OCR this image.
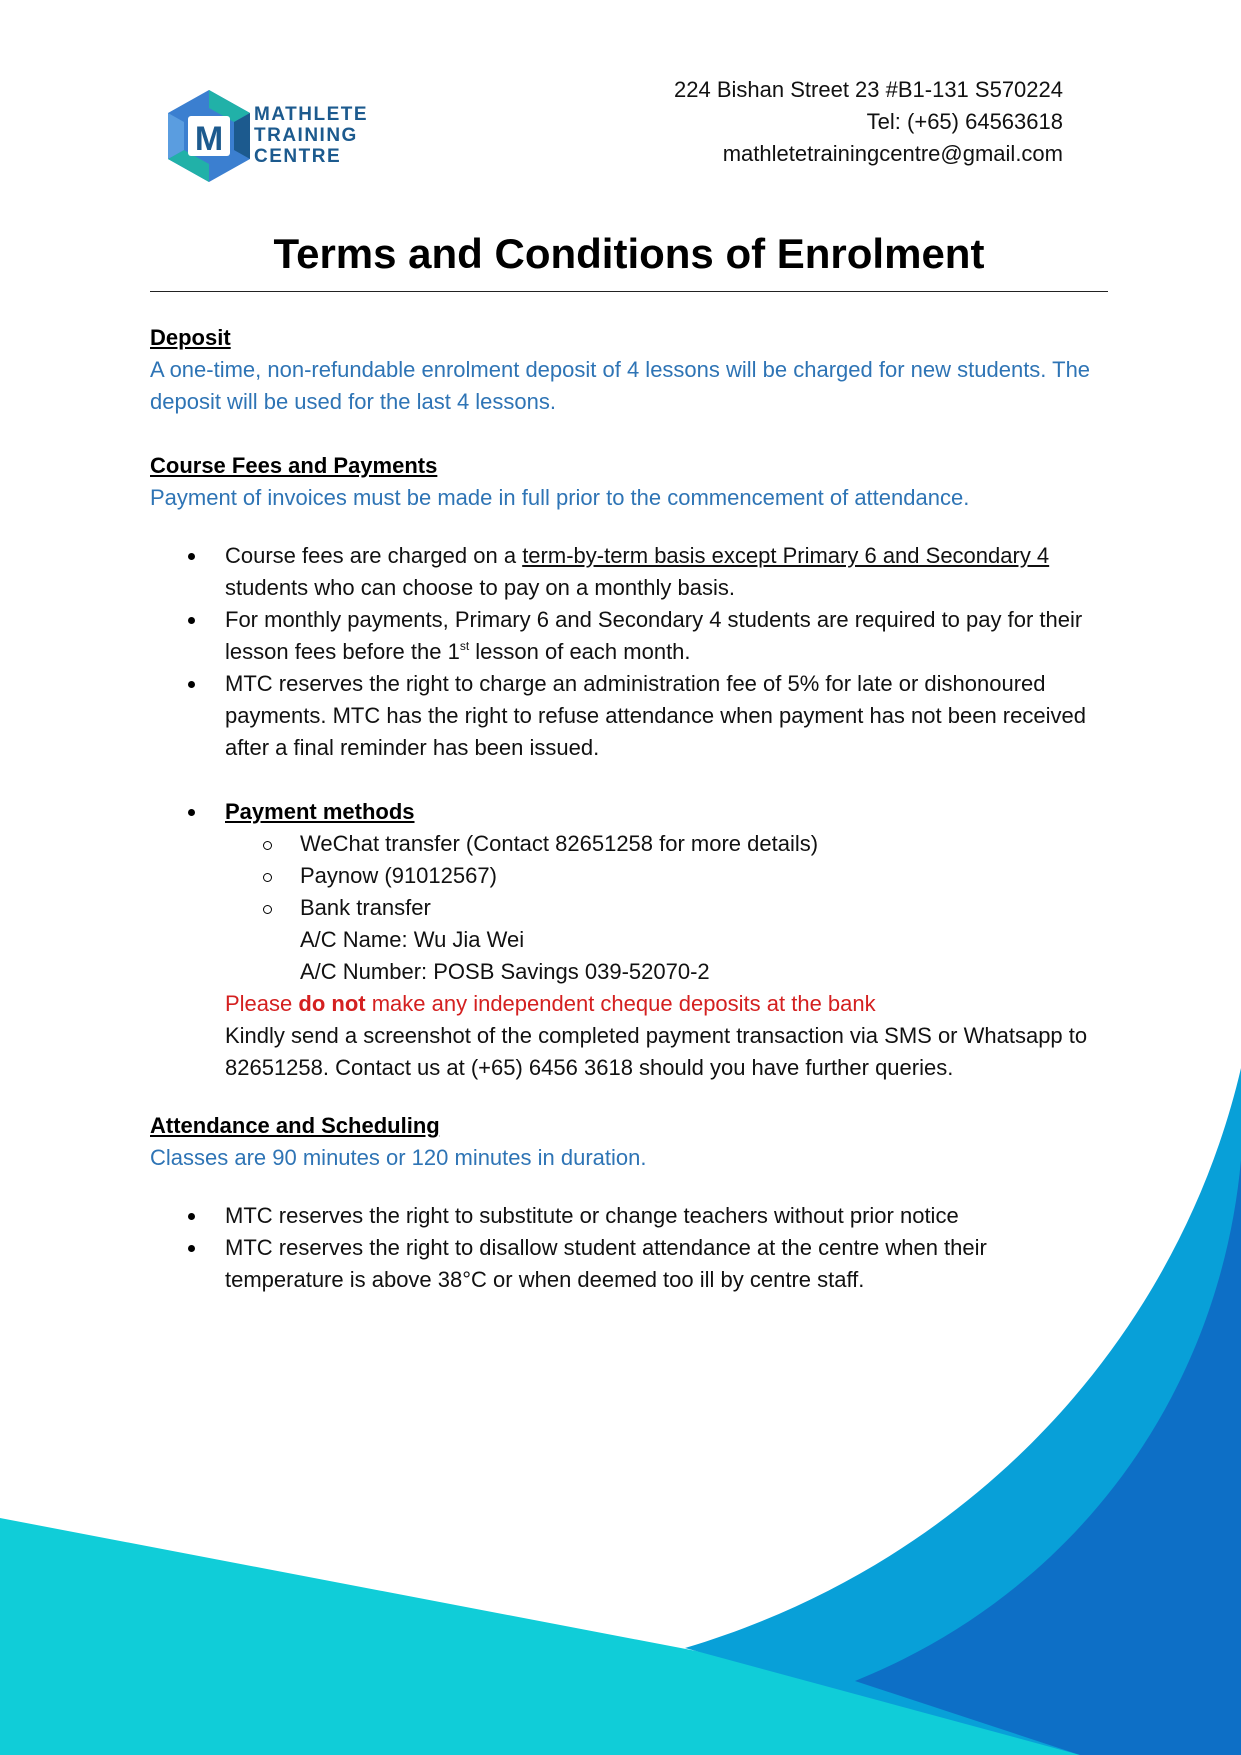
M
MATHLETE
TRAINING
CENTRE
224 Bishan Street 23 #B1-131 S570224
Tel: (+65) 64563618
mathletetrainingcentre@gmail.com
Terms and Conditions of Enrolment
Deposit
A one-time, non-refundable enrolment deposit of 4 lessons will be charged for new students. The deposit will be used for the last 4 lessons.
Course Fees and Payments
Payment of invoices must be made in full prior to the commencement of attendance.
Course fees are charged on a term-by-term basis except Primary 6 and Secondary 4 students who can choose to pay on a monthly basis.
For monthly payments, Primary 6 and Secondary 4 students are required to pay for their lesson fees before the 1st lesson of each month.
MTC reserves the right to charge an administration fee of 5% for late or dishonoured payments. MTC has the right to refuse attendance when payment has not been received after a final reminder has been issued.
Payment methods
WeChat transfer (Contact 82651258 for more details)
Paynow (91012567)
Bank transfer
A/C Name: Wu Jia Wei
A/C Number: POSB Savings 039-52070-2
Please do not make any independent cheque deposits at the bank
Kindly send a screenshot of the completed payment transaction via SMS or Whatsapp to 82651258. Contact us at (+65) 6456 3618 should you have further queries.
Attendance and Scheduling
Classes are 90 minutes or 120 minutes in duration.
MTC reserves the right to substitute or change teachers without prior notice
MTC reserves the right to disallow student attendance at the centre when their temperature is above 38°C or when deemed too ill by centre staff.
